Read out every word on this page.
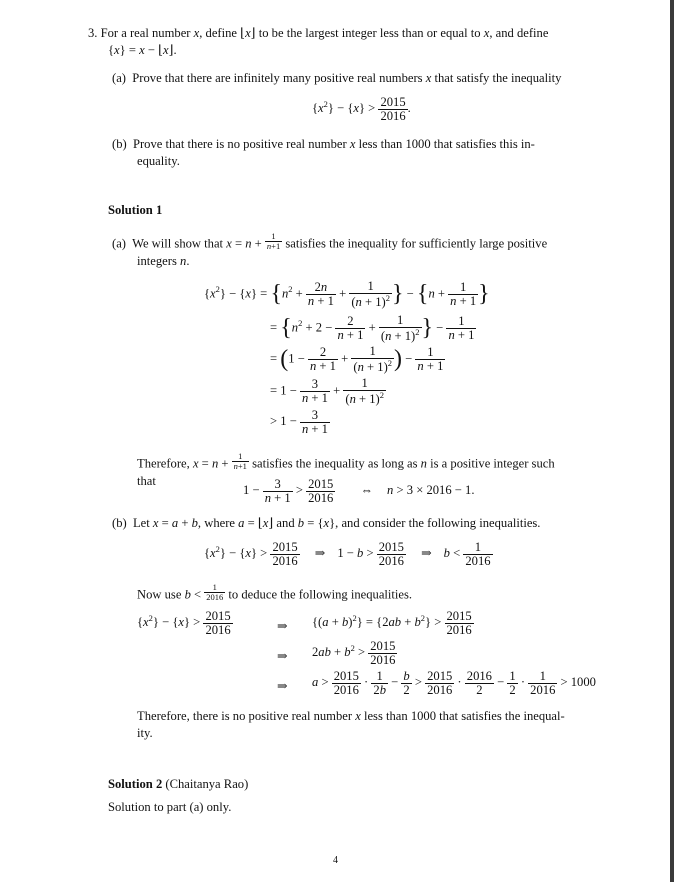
3. For a real number x, define ⌊x⌋ to be the largest integer less than or equal to x, and define
{x} = x − ⌊x⌋.
(a) Prove that there are infinitely many positive real numbers x that satisfy the inequality
$\{x^2\} - \{x\} > \frac{2015}{2016}$ .
(b) Prove that there is no positive real number x less than 1000 that satisfies this in-
equality.
Solution 1
(a) We will show that $x = n + \frac{1}{n+1}$ satisfies the inequality for sufficiently large positive
integers n.
$\{x^2\} - \{x\} = \{n^2 + \frac{2n}{n + 1} + \frac{1}{(n + 1)^2}$ } − {$n + \frac{1}{n + 1}$ }
= {$n^2 + 2 - \frac{2}{n + 1} + \frac{1}{(n + 1)^2}$ } − $\frac{1}{n + 1}$
= ($1 - \frac{2}{n + 1} + \frac{1}{(n + 1)^2}$ ) − $\frac{1}{n + 1}$
= $1 - \frac{3}{n + 1} + \frac{1}{(n + 1)^2}$
> $1 - \frac{3}{n + 1}$
Therefore, $x = n + \frac{1}{n+1}$ satisfies the inequality as long as n is a positive integer such
that
$1 - \frac{3}{n + 1} > \frac{2015}{2016}$ ⇔ n > 3 × 2016 − 1.
(b) Let x = a + b, where a = ⌊x⌋ and b = {x}, and consider the following inequalities.
$\{x^2\} - \{x\} > \frac{2015}{2016}$ ⇒ $1 - b > \frac{2015}{2016}$ ⇒ $b < \frac{1}{2016}$
Now use $b < \frac{1}{2016}$ to deduce the following inequalities.
$\{x^2\} - \{x\} > \frac{2015}{2016}$	⇒ $\{(a + b)^2\} = \{2ab + b^2\} > \frac{2015}{2016}$
⇒ $2ab + b^2 > \frac{2015}{2016}$
⇒ $a > \frac{2015}{2016} \cdot \frac{1}{2b} - \frac{b}{2} > \frac{2015}{2016} \cdot \frac{2016}{2} - \frac{1}{2} \cdot \frac{1}{2016} > 1000$
Therefore, there is no positive real number x less than 1000 that satisfies the inequal-
ity.
Solution 2 (Chaitanya Rao)
Solution to part (a) only.
4
